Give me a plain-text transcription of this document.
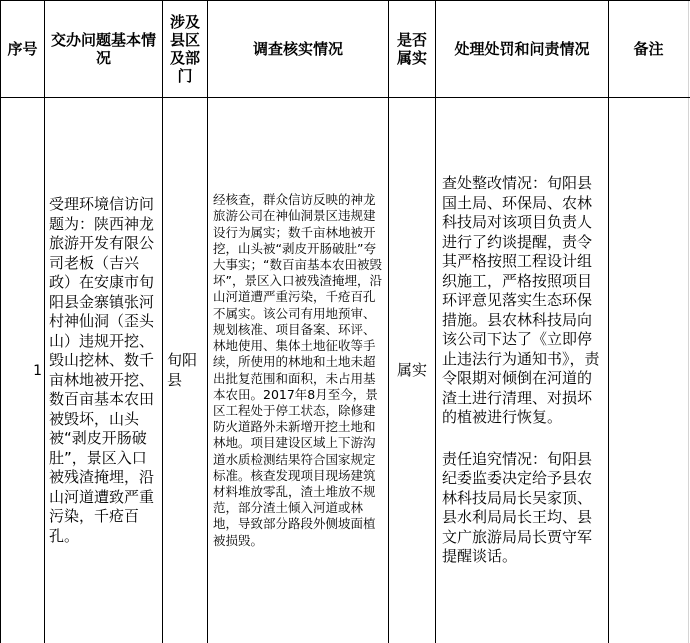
序号 交办问题基本情况
涉及县区及部门
调查核实情况	是否属实 处理处罚和问责情况	备注
1
受理环境信访问题为：陕西神龙旅游开发有限公司老板（吉兴政）在安康市旬阳县金寨镇张河村神仙洞（歪头山）违规开挖、毁山挖林、数千亩林地被开挖、数百亩基本农田被毁坏，山头被“剥皮开肠破肚”，景区入口被残渣掩埋，沿山河道遭致严重污染，千疮百孔。
旬阳县
经核查，群众信访反映的神龙旅游公司在神仙洞景区违规建设行为属实；数千亩林地被开挖，山头被“剥皮开肠破肚”夸大事实；“数百亩基本农田被毁坏”，景区入口被残渣掩埋，沿山河道遭严重污染，千疮百孔不属实。该公司有用地预审、规划核准、项目备案、环评、林地使用、集体土地征收等手续，所使用的林地和土地未超出批复范围和面积，未占用基本农田。2017年8月至今，景区工程处于停工状态，除修建防火道路外未新增开挖土地和林地。项目建设区域上下游沟道水质检测结果符合国家规定标准。核查发现项目现场建筑材料堆放零乱，渣土堆放不规范，部分渣土倾入河道或林地，导致部分路段外侧坡面植被损毁。
属实
查处整改情况：旬阳县国土局、环保局、农林科技局对该项目负责人进行了约谈提醒，责令其严格按照工程设计组织施工，严格按照项目环评意见落实生态环保措施。县农林科技局向该公司下达了《立即停止违法行为通知书》，责令限期对倾倒在河道的渣土进行清理、对损坏的植被进行恢复。
责任追究情况：旬阳县纪委监委决定给予县农林科技局局长吴家顶、县水利局局长王均、县文广旅游局局长贾守军提醒谈话。
